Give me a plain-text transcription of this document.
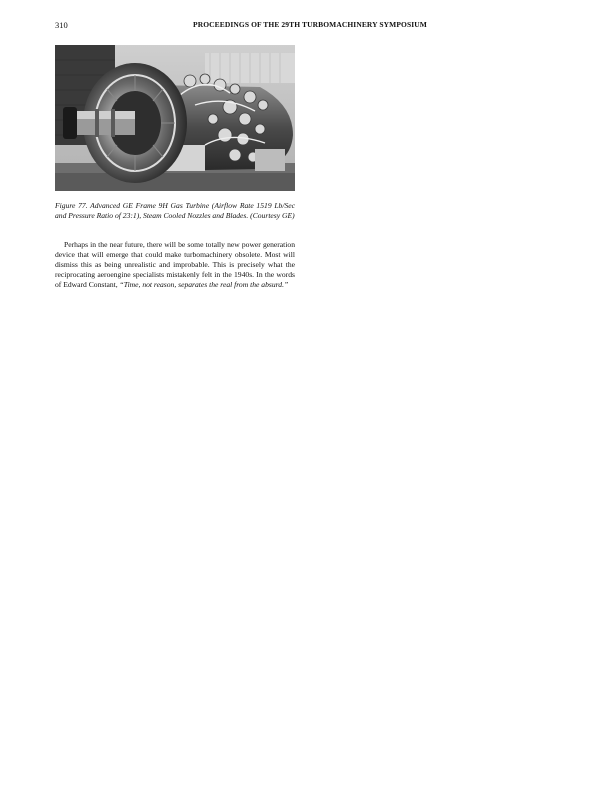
310	PROCEEDINGS OF THE 29TH TURBOMACHINERY SYMPOSIUM
Figure 77. Advanced GE Frame 9H Gas Turbine (Airflow Rate 1519 Lb/Sec and Pressure Ratio of 23:1), Steam Cooled Nozzles and Blades. (Courtesy GE)

Perhaps in the near future, there will be some totally new power generation device that will emerge that could make turbomachinery obsolete. Most will dismiss this as being unrealistic and improbable. This is precisely what the reciprocating aeroengine specialists mistakenly felt in the 1940s. In the words of Edward Constant, “Time, not reason, separates the real from the absurd.”
